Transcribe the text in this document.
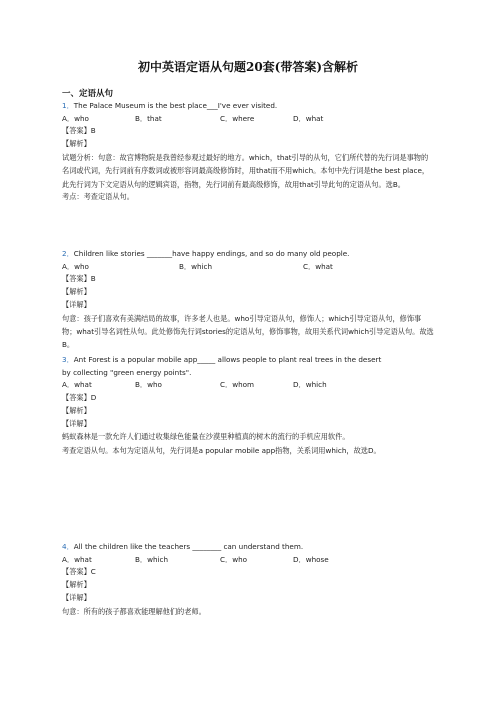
初中英语定语从句题20套(带答案)含解析
一、定语从句
1．The Palace Museum is the best place___I've ever visited.
A．who	B．that	C．where	D．what
【答案】B
【解析】
试题分析：句意：故宫博物院是我曾经参观过最好的地方。which，that引导的从句，它们所代替的先行词是事物的名词或代词，先行词前有序数词或被形容词最高级修饰时，用that而不用which。本句中先行词是the best place，此先行词为下文定语从句的逻辑宾语，指物，先行词前有最高级修饰，故用that引导此句的定语从句。选B。
考点：考查定语从句。
2．Children like stories _______have happy endings, and so do many old people.
A．who	B．which	C．what
【答案】B
【解析】
【详解】
句意：孩子们喜欢有美满结局的故事，许多老人也是。who引导定语从句，修饰人；which引导定语从句，修饰事物；what引导名词性从句。此处修饰先行词stories的定语从句，修饰事物，故用关系代词which引导定语从句。故选B。
3．Ant Forest is a popular mobile app_____ allows people to plant real trees in the desert by collecting "green energy points".
A．what	B．who	C．whom	D．which
【答案】D
【解析】
【详解】
蚂蚁森林是一款允许人们通过收集绿色能量在沙漠里种植真的树木的流行的手机应用软件。
考查定语从句。本句为定语从句，先行词是a popular mobile app指物，关系词用which，故选D。
4．All the children like the teachers ________ can understand them.
A．what	B．which	C．who	D．whose
【答案】C
【解析】
【详解】
句意：所有的孩子都喜欢能理解他们的老师。
